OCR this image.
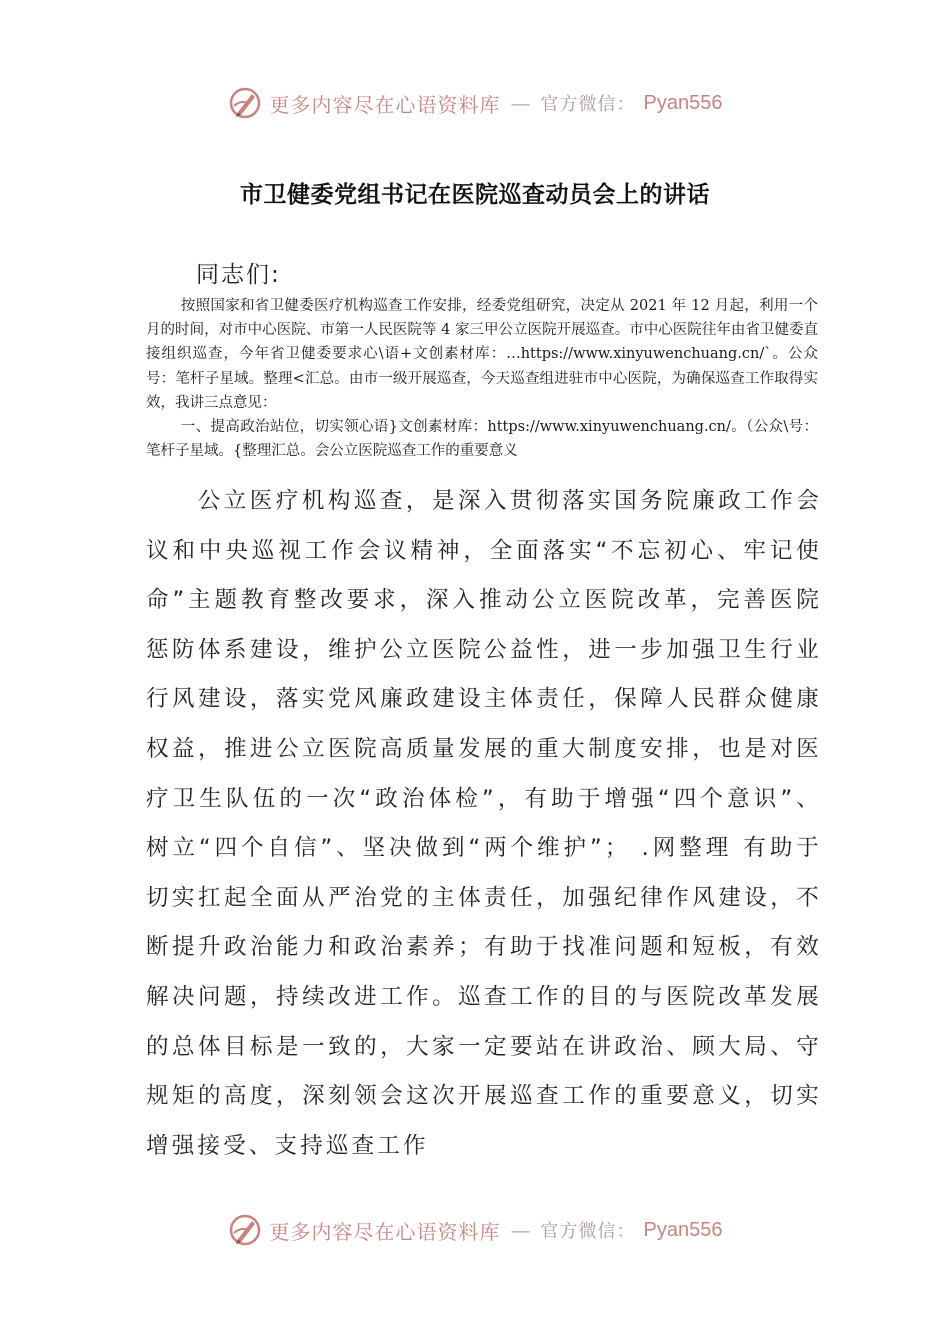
更多内容尽在心语资料库 — 官方微信： Pyan556
市卫健委党组书记在医院巡查动员会上的讲话
同志们:

按照国家和省卫健委医疗机构巡查工作安排，经委党组研究，决定从 2021 年 12 月起，利用一个月的时间，对市中心医院、市第一人民医院等 4 家三甲公立医院开展巡查。市中心医院往年由省卫健委直接组织巡查，今年省卫健委要求心\语+文创素材库：…https://www.xinyuwenchuang.cn/`。公众号：笔杆子星域。整理<汇总。由市一级开展巡查，今天巡查组进驻市中心医院，为确保巡查工作取得实效，我讲三点意见：

一、提高政治站位，切实领心语}文创素材库：https://www.xinyuwenchuang.cn/。（公众\号：笔杆子星域。{整理汇总。会公立医院巡查工作的重要意义

公立医疗机构巡查，是深入贯彻落实国务院廉政工作会议和中央巡视工作会议精神，全面落实“不忘初心、牢记使命”主题教育整改要求，深入推动公立医院改革，完善医院惩防体系建设，维护公立医院公益性，进一步加强卫生行业行风建设，落实党风廉政建设主体责任，保障人民群众健康权益，推进公立医院高质量发展的重大制度安排，也是对医疗卫生队伍的一次“政治体检”，有助于增强“四个意识”、树立“四个自信”、坚决做到“两个维护”； .网整理 有助于切实扛起全面从严治党的主体责任，加强纪律作风建设，不断提升政治能力和政治素养；有助于找准问题和短板，有效解决问题，持续改进工作。巡查工作的目的与医院改革发展的总体目标是一致的，大家一定要站在讲政治、顾大局、守规矩的高度，深刻领会这次开展巡查工作的重要意义，切实增强接受、支持巡查工作

更多内容尽在心语资料库 — 官方微信： Pyan556
